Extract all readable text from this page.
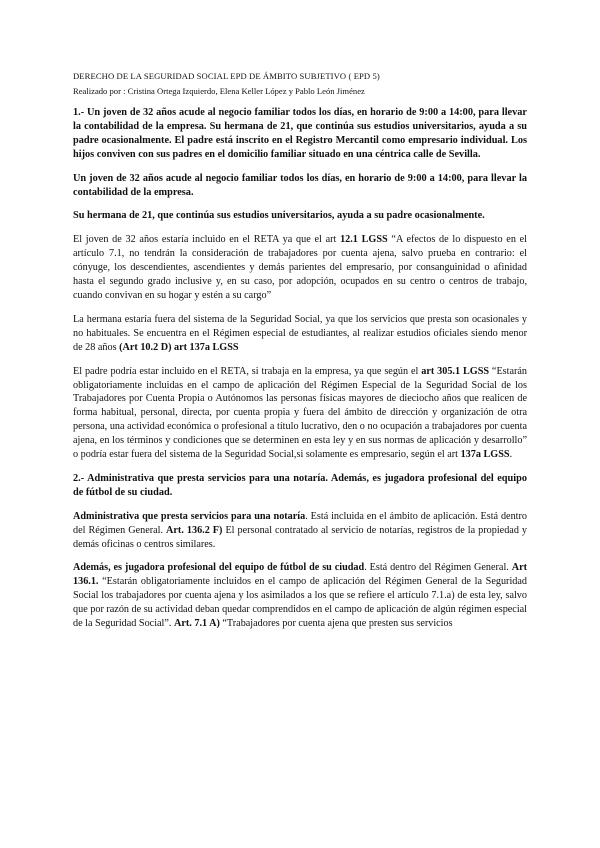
DERECHO DE LA SEGURIDAD SOCIAL EPD DE ÁMBITO SUBJETIVO ( EPD 5)
Realizado por : Cristina Ortega Izquierdo, Elena Keller López y Pablo León Jiménez

1.- Un joven de 32 años acude al negocio familiar todos los días, en horario de 9:00 a 14:00, para llevar la contabilidad de la empresa. Su hermana de 21, que continúa sus estudios universitarios, ayuda a su padre ocasionalmente. El padre está inscrito en el Registro Mercantil como empresario individual. Los hijos conviven con sus padres en el domicilio familiar situado en una céntrica calle de Sevilla.

Un joven de 32 años acude al negocio familiar todos los días, en horario de 9:00 a 14:00, para llevar la contabilidad de la empresa.

Su hermana de 21, que continúa sus estudios universitarios, ayuda a su padre ocasionalmente.

El joven de 32 años estaría incluido en el RETA ya que el art 12.1 LGSS “A efectos de lo dispuesto en el artículo 7.1, no tendrán la consideración de trabajadores por cuenta ajena, salvo prueba en contrario: el cónyuge, los descendientes, ascendientes y demás parientes del empresario, por consanguinidad o afinidad hasta el segundo grado inclusive y, en su caso, por adopción, ocupados en su centro o centros de trabajo, cuando convivan en su hogar y estén a su cargo”

La hermana estaría fuera del sistema de la Seguridad Social, ya que los servicios que presta son ocasionales y no habituales. Se encuentra en el Régimen especial de estudiantes, al realizar estudios oficiales siendo menor de 28 años (Art 10.2 D) art 137a LGSS

El padre podría estar incluido en el RETA, si trabaja en la empresa, ya que según el art 305.1 LGSS “Estarán obligatoriamente incluidas en el campo de aplicación del Régimen Especial de la Seguridad Social de los Trabajadores por Cuenta Propia o Autónomos las personas físicas mayores de dieciocho años que realicen de forma habitual, personal, directa, por cuenta propia y fuera del ámbito de dirección y organización de otra persona, una actividad económica o profesional a título lucrativo, den o no ocupación a trabajadores por cuenta ajena, en los términos y condiciones que se determinen en esta ley y en sus normas de aplicación y desarrollo” o podría estar fuera del sistema de la Seguridad Social,si solamente es empresario, según el art 137a LGSS.

2.- Administrativa que presta servicios para una notaría. Además, es jugadora profesional del equipo de fútbol de su ciudad.

Administrativa que presta servicios para una notaría. Está incluida en el ámbito de aplicación. Está dentro del Régimen General. Art. 136.2 F) El personal contratado al servicio de notarías, registros de la propiedad y demás oficinas o centros similares.

Además, es jugadora profesional del equipo de fútbol de su ciudad. Está dentro del Régimen General. Art 136.1. “Estarán obligatoriamente incluidos en el campo de aplicación del Régimen General de la Seguridad Social los trabajadores por cuenta ajena y los asimilados a los que se refiere el artículo 7.1.a) de esta ley, salvo que por razón de su actividad deban quedar comprendidos en el campo de aplicación de algún régimen especial de la Seguridad Social”. Art. 7.1 A) “Trabajadores por cuenta ajena que presten sus servicios
